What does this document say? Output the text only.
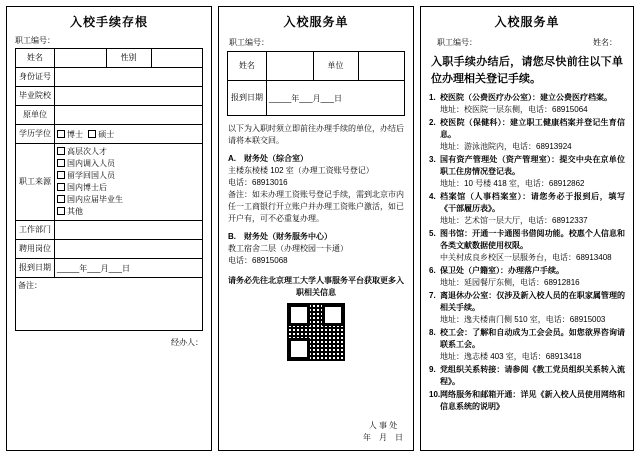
入校手续存根
职工编号：
姓名		性别	
身份证号			
毕业院校			
原单位			
学历学位	博士 硕士		
职工来源	高层次人才 国内调入人员 留学回国人员 国内博士后 国内应届毕业生 其他		
工作部门			
聘用岗位			
报到日期	_____年___月___日		
备注：			
经办人：
入校服务单
职工编号：
姓名		单位	
报到日期	_____年___月___日		
以下为入职时须立即前往办理手续的单位，办结后请将本联交回。
A.　财务处（综合室）
主楼东棱楼 102 室（办理工资账号登记）
电话：68913016
备注：如未办理工资账号登记手续，需到北京市内任一工商银行开立账户并办理工资账户激活，如已开户有，可不必重复办理。
B.　财务处（财务服务中心）
教工宿舍二层（办理校园一卡通）
电话：68915068
请务必先往北京理工大学人事服务平台获取更多入职相关信息
人 事 处
年　月　日
入校服务单
职工编号：	姓名：
入职手续办结后，请您尽快前往以下单位办理相关登记手续。
1. 校医院（公费医疗办公室）：建立公费医疗档案。
地址：校医院一层东侧，电话：68915064
2. 校医院（保健科）：建立职工健康档案并登记生育信息。
地址：游泳池院内，电话：68913924
3. 国有资产管理处（资产管理室）：提交中央在京单位职工住房情况登记表。
地址：10 号楼 418 室，电话：68912862
4. 档案馆（人事档案室）：请您务必于报到后，填写《干部履历表》。
地址：艺术馆一层大厅，电话：68912337
5. 图书馆：开通一卡通图书借阅功能。校惠个人信息和各类文献数据使用权限。
中关村成良乡校区一层服务台，电话：68913408
6. 保卫处（户籍室）：办理落户手续。
地址：延园餐厅东侧，电话：68912816
7. 离退休办公室：仅涉及新入校人员的在职家属管理的相关手续。
地址：逸夫楼南门侧 510 室，电话：68915003
8. 校工会：了解和自动成为工会会员。如您欲界咨询请联系工会。
地址：逸志楼 403 室，电话：68913418
9. 党组织关系转接：请参阅《教工党员组织关系转入流程》。
10. 网络服务和邮箱开通：详见《新入校人员使用网络和信息系统的说明》
